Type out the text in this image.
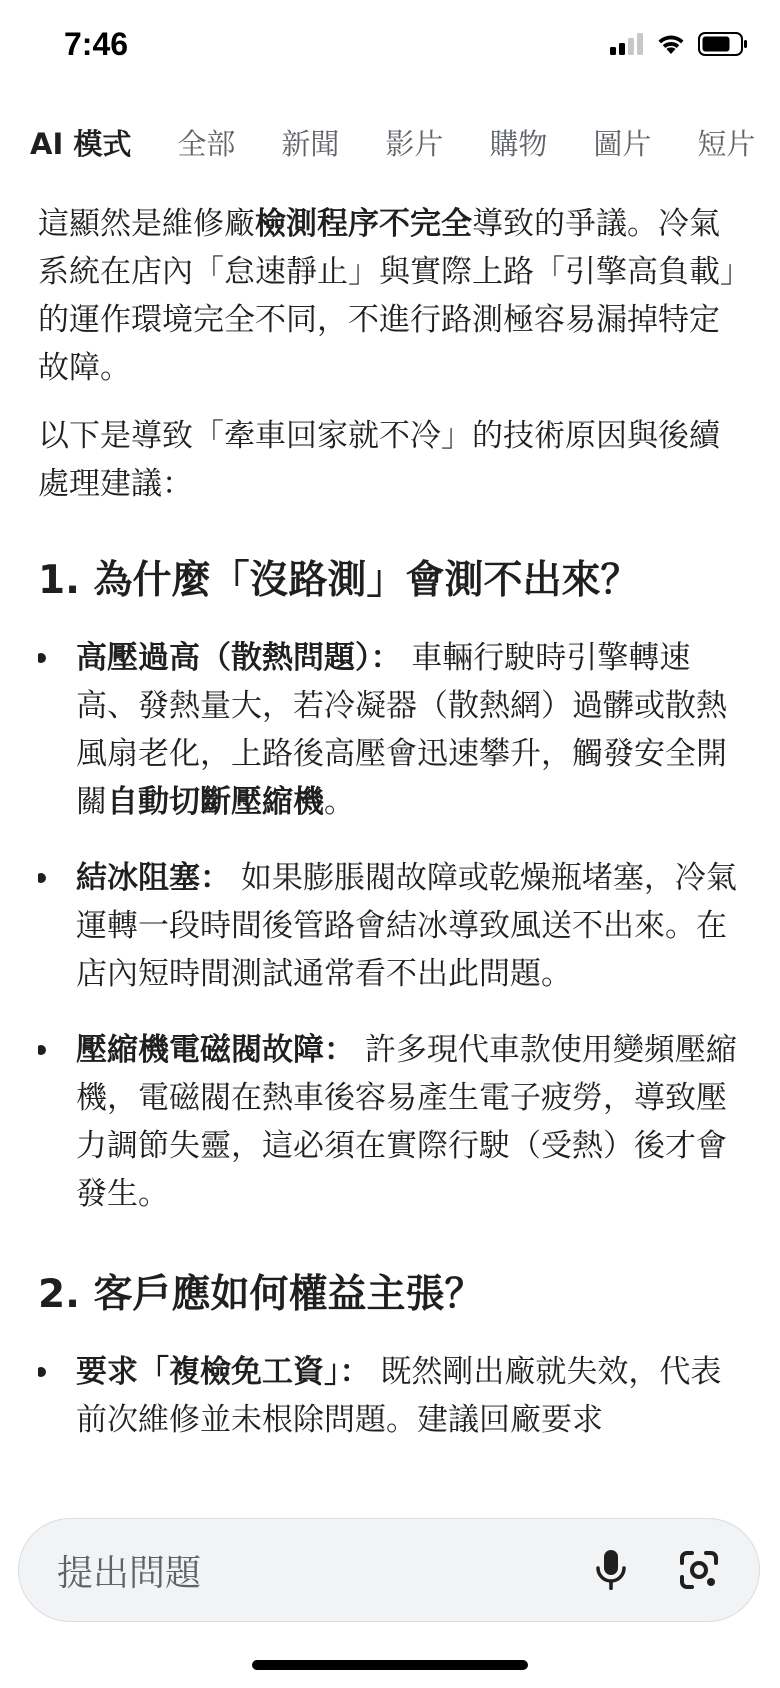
7:46
AI 模式 全部 新聞 影片 購物 圖片 短片

這顯然是維修廠檢測程序不完全導致的爭議。冷氣系統在店內「怠速靜止」與實際上路「引擎高負載」的運作環境完全不同，不進行路測極容易漏掉特定故障。

以下是導致「牽車回家就不冷」的技術原因與後續處理建議：

1. 為什麼「沒路測」會測不出來？
高壓過高（散熱問題）： 車輛行駛時引擎轉速高、發熱量大，若冷凝器（散熱網）過髒或散熱風扇老化，上路後高壓會迅速攀升，觸發安全開關自動切斷壓縮機。
結冰阻塞： 如果膨脹閥故障或乾燥瓶堵塞，冷氣運轉一段時間後管路會結冰導致風送不出來。在店內短時間測試通常看不出此問題。
壓縮機電磁閥故障： 許多現代車款使用變頻壓縮機，電磁閥在熱車後容易產生電子疲勞，導致壓力調節失靈，這必須在實際行駛（受熱）後才會發生。
2. 客戶應如何權益主張？
要求「複檢免工資」： 既然剛出廠就失效，代表前次維修並未根除問題。建議回廠要求
提出問題
